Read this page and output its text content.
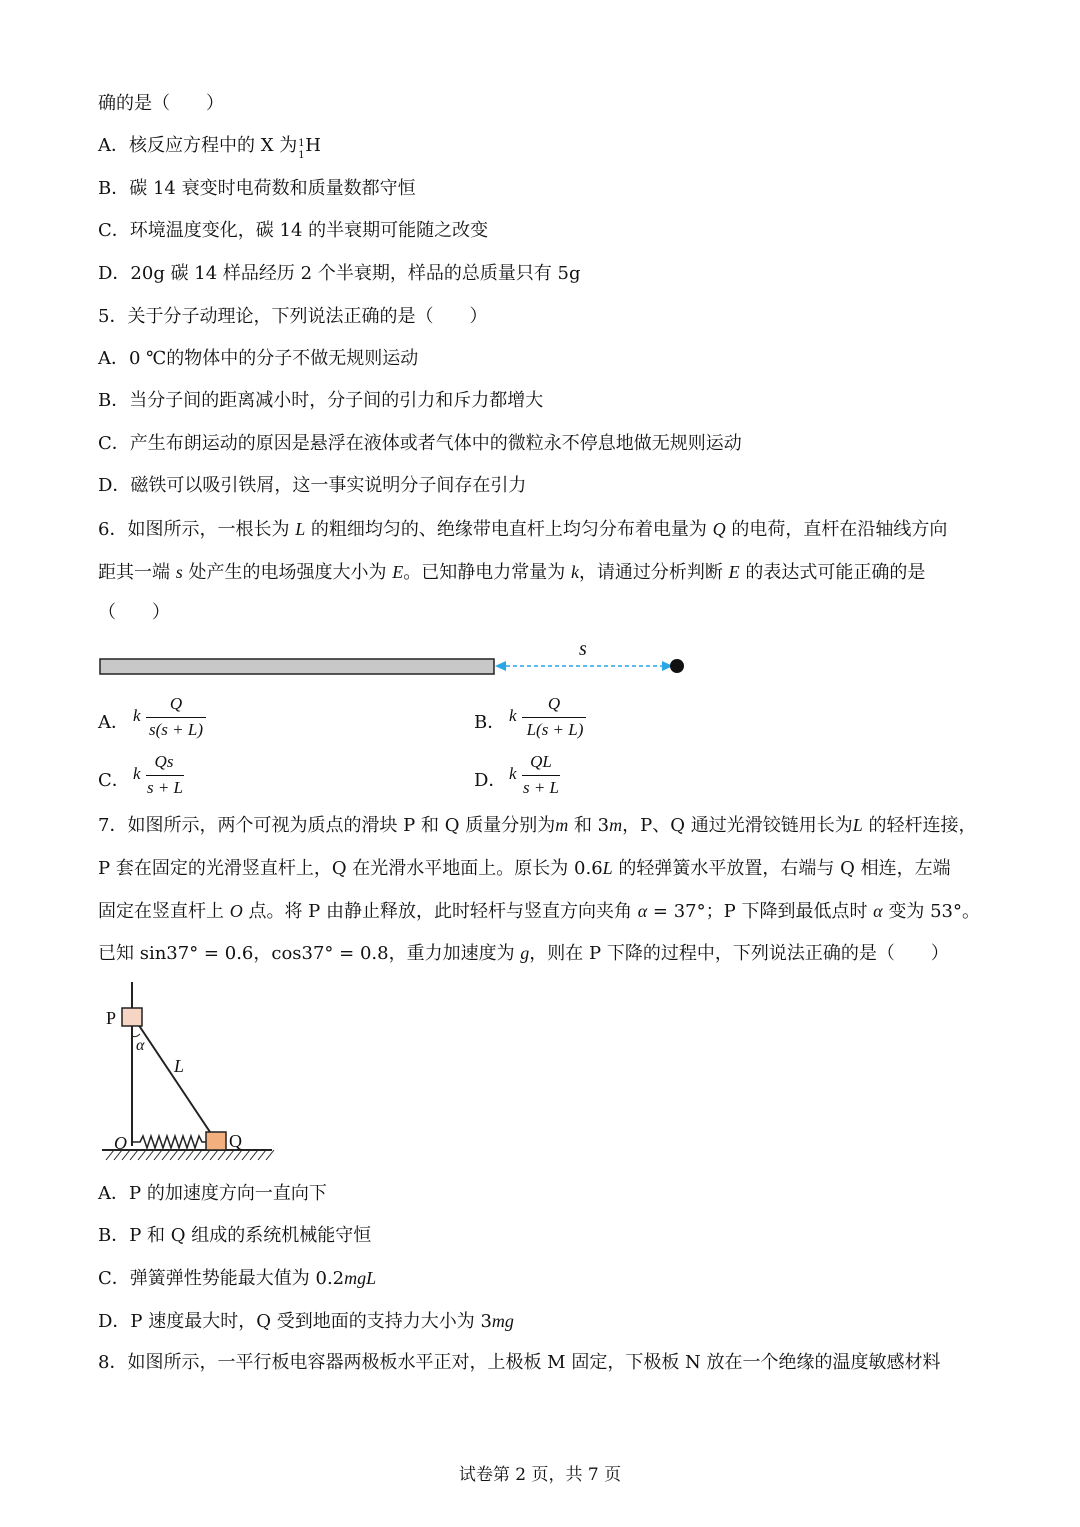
确的是（　　）
A．核反应方程中的 X 为 1
1 H
B．碳 14 衰变时电荷数和质量数都守恒
C．环境温度变化，碳 14 的半衰期可能随之改变
D．20g 碳 14 样品经历 2 个半衰期，样品的总质量只有 5g
5．关于分子动理论，下列说法正确的是（　　）
A．0 ℃的物体中的分子不做无规则运动
B．当分子间的距离减小时，分子间的引力和斥力都增大
C．产生布朗运动的原因是悬浮在液体或者气体中的微粒永不停息地做无规则运动
D．磁铁可以吸引铁屑，这一事实说明分子间存在引力
6．如图所示，一根长为 L 的粗细均匀的、绝缘带电直杆上均匀分布着电量为 Q 的电荷，直杆在沿轴线方向
距其一端 s 处产生的电场强度大小为 E。已知静电力常量为 k，请通过分析判断 E 的表达式可能正确的是
（　　）
s
A． k
Q
s(s + L)	B． k
Q
L(s + L)
C． k
Qs
s + L	D． k
QL
s + L
7．如图所示，两个可视为质点的滑块 P 和 Q 质量分别为m 和 3m，P、Q 通过光滑铰链用长为L 的轻杆连接，
P 套在固定的光滑竖直杆上，Q 在光滑水平地面上。原长为 0.6L 的轻弹簧水平放置，右端与 Q 相连，左端
固定在竖直杆上 O 点。将 P 由静止释放，此时轻杆与竖直方向夹角 α = 37°；P 下降到最低点时 α 变为 53°。
已知 sin37° = 0.6，cos37° = 0.8，重力加速度为 g，则在 P 下降的过程中，下列说法正确的是（　　）
P
α
L
O	Q
A．P 的加速度方向一直向下
B．P 和 Q 组成的系统机械能守恒
C．弹簧弹性势能最大值为 0.2mgL
D．P 速度最大时，Q 受到地面的支持力大小为 3mg
8．如图所示，一平行板电容器两极板水平正对，上极板 M 固定，下极板 N 放在一个绝缘的温度敏感材料
试卷第 2 页，共 7 页
